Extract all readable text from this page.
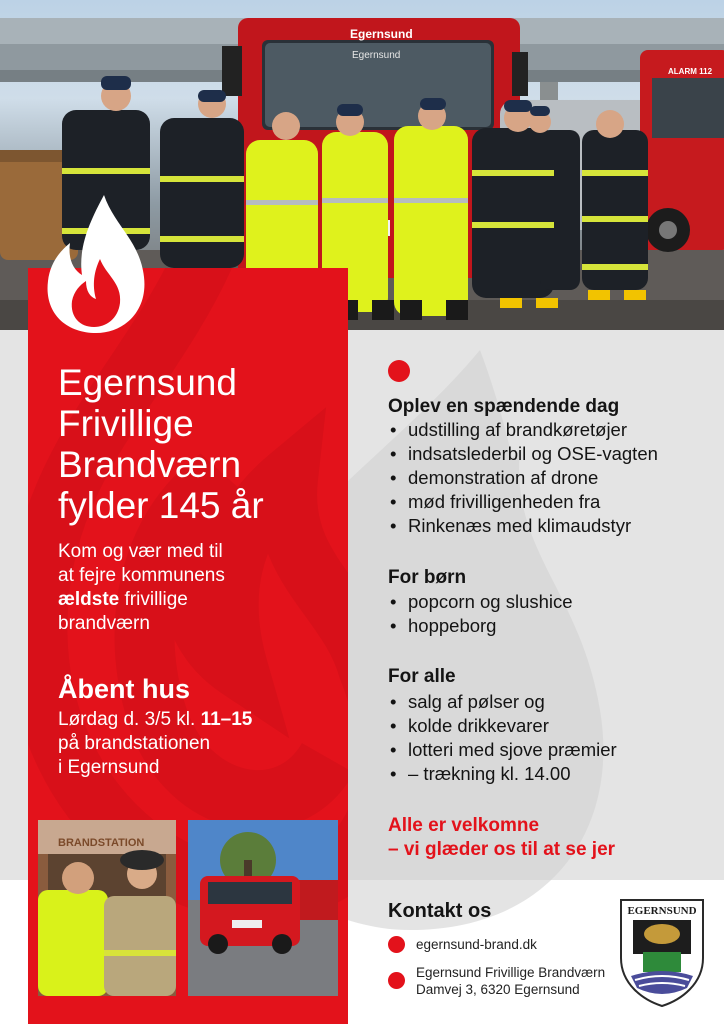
Egernsund
Egernsund
ALARM 112
Egernsund
Frivillige
Brandværn
fylder 145 år
Kom og vær med til
at fejre kommunens
ældste frivillige
brandværn
Åbent hus
Lørdag d. 3/5 kl. 11–15
på brandstationen
i Egernsund
BRANDSTATION
Oplev en spændende dag
• udstilling af brandkøretøjer
• indsatslederbil og OSE-vagten
• demonstration af drone
• mød frivilligenheden fra
• Rinkenæs med klimaudstyr
For børn
• popcorn og slushice
• hoppeborg
For alle
• salg af pølser og
• kolde drikkevarer
• lotteri med sjove præmier
• – trækning kl. 14.00
Alle er velkomne
– vi glæder os til at se jer
Kontakt os
egernsund-brand.dk
Egernsund Frivillige Brandværn
Damvej 3, 6320 Egernsund
EGERNSUND
